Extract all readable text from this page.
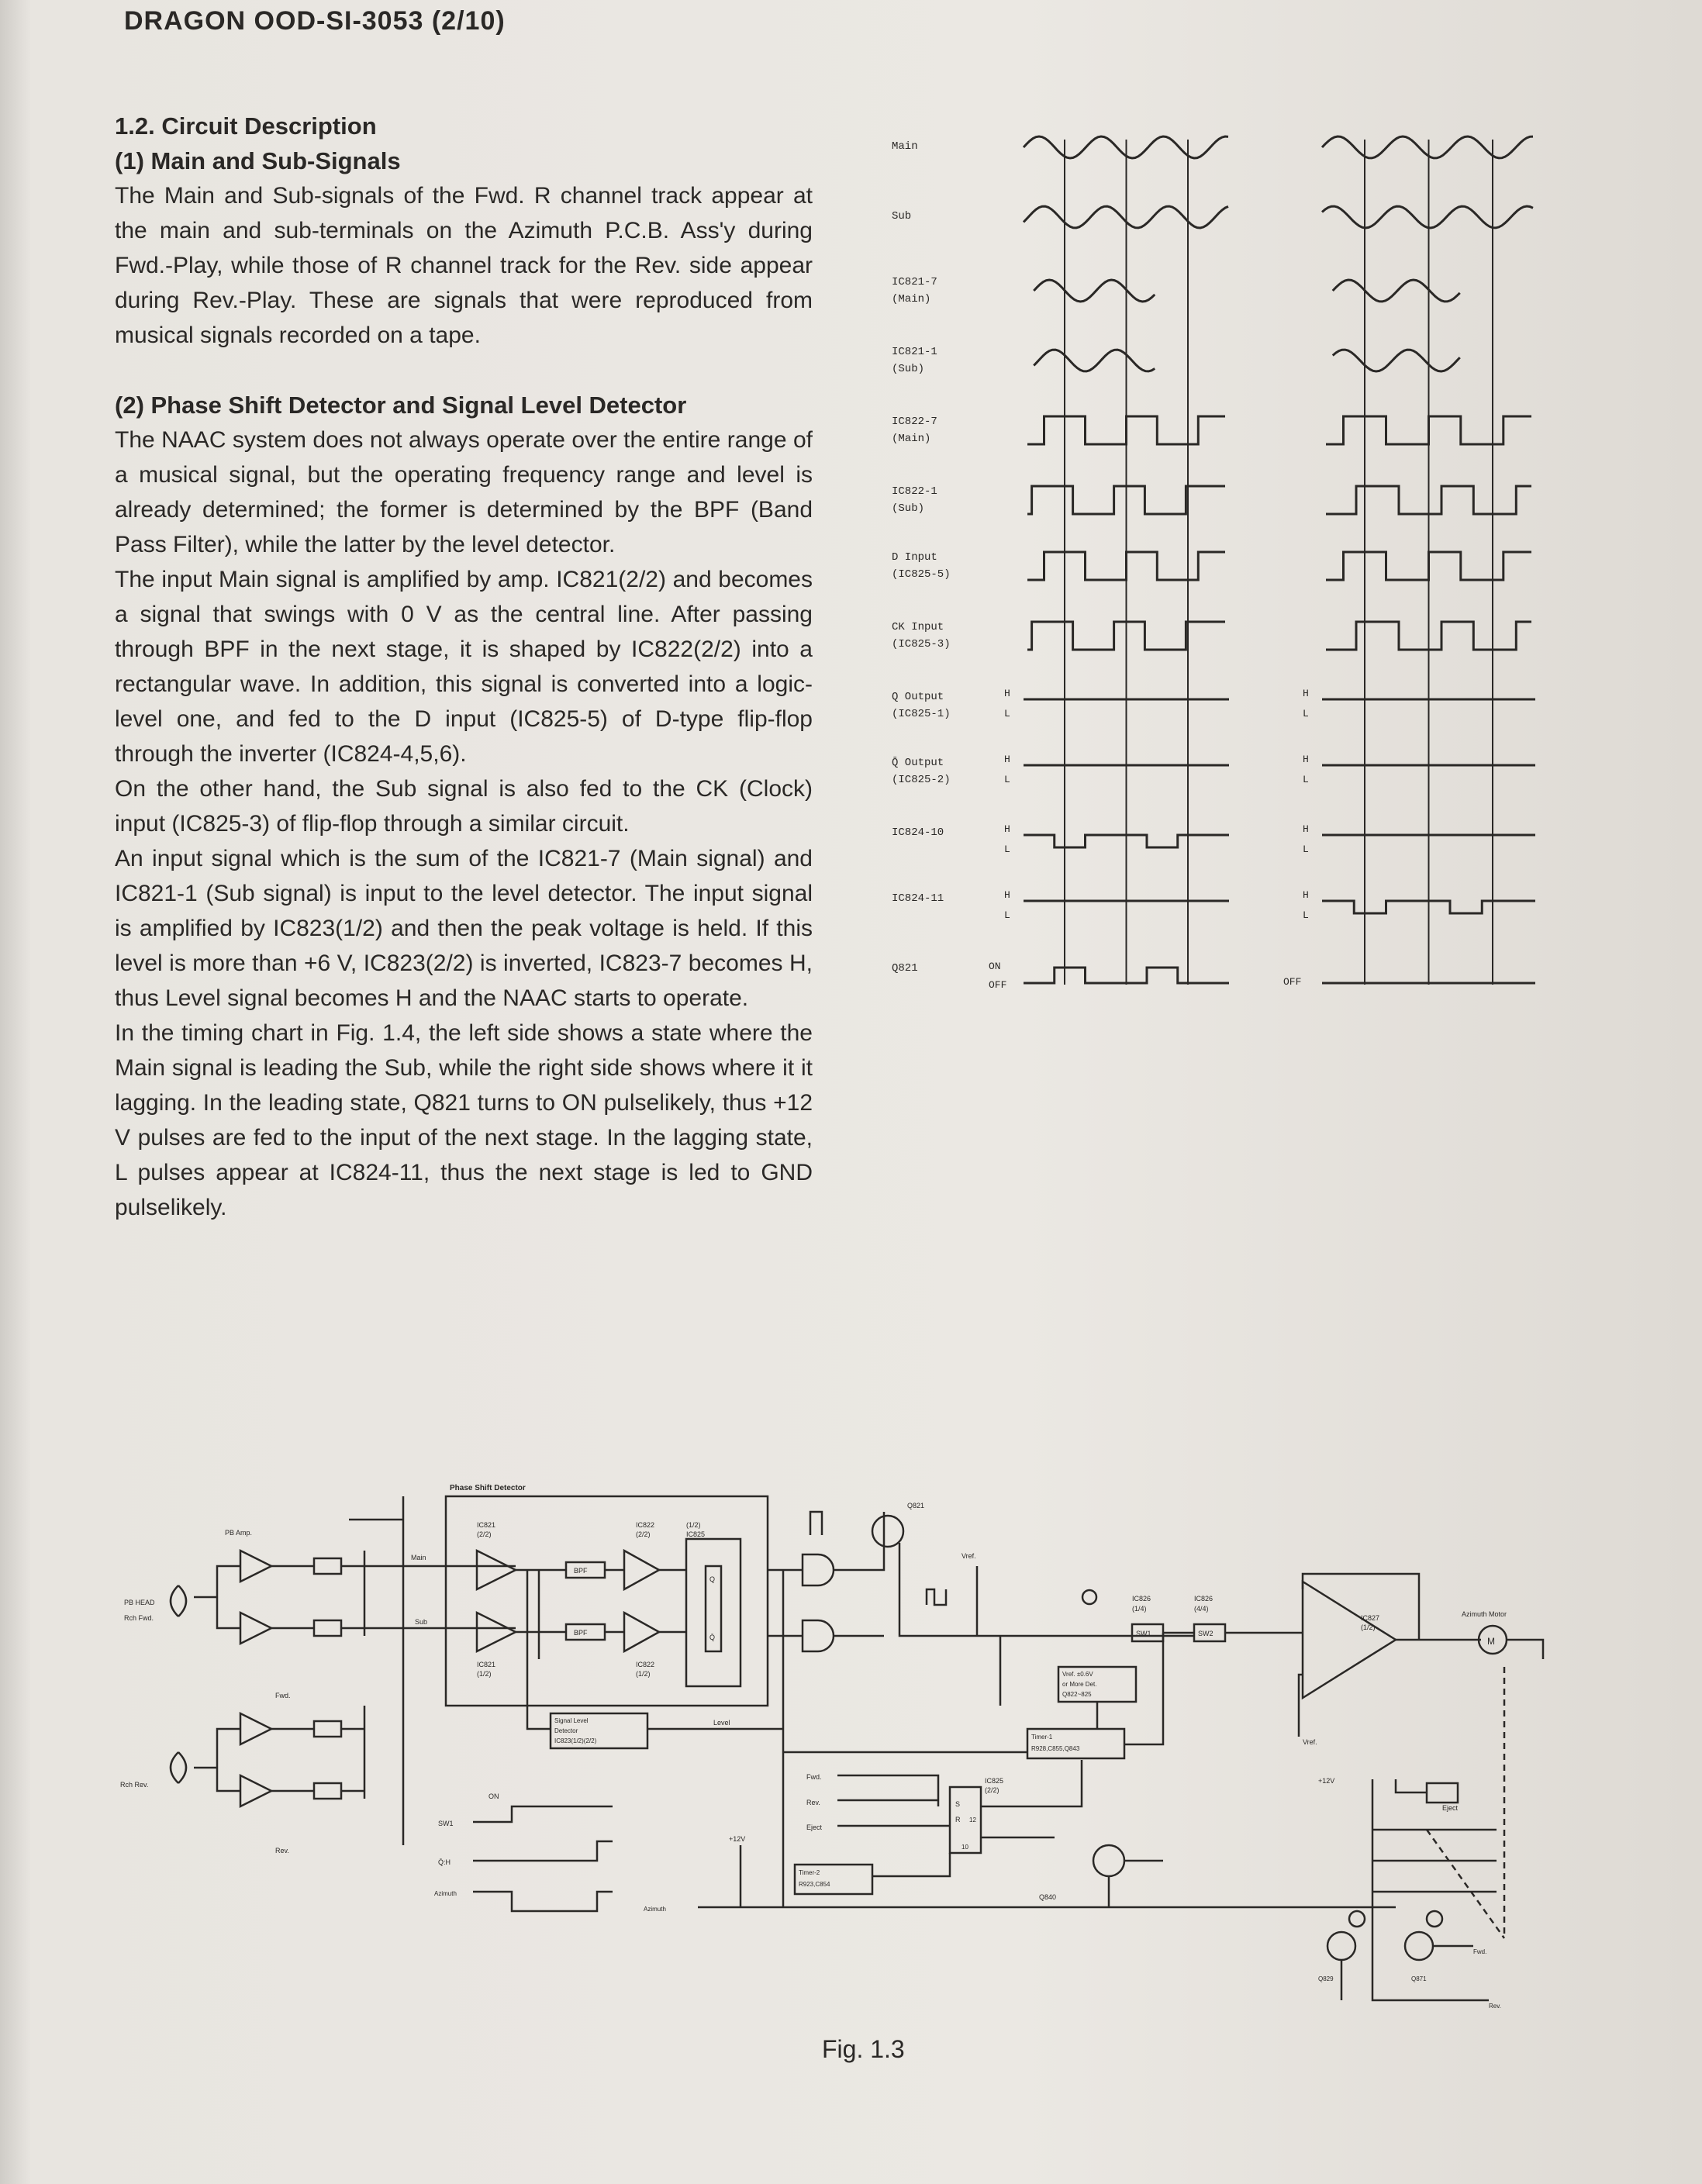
DRAGON OOD-SI-3053 (2/10)
1.2. Circuit Description
(1) Main and Sub-Signals

The Main and Sub-signals of the Fwd. R channel track appear at the main and sub-terminals on the Azimuth P.C.B. Ass'y during Fwd.-Play, while those of R channel track for the Rev. side appear during Rev.-Play. These are signals that were reproduced from musical signals recorded on a tape.

(2) Phase Shift Detector and Signal Level Detector

The NAAC system does not always operate over the entire range of a musical signal, but the operating frequency range and level is already determined; the former is determined by the BPF (Band Pass Filter), while the latter by the level detector.

The input Main signal is amplified by amp. IC821(2/2) and becomes a signal that swings with 0 V as the central line. After passing through BPF in the next stage, it is shaped by IC822(2/2) into a rectangular wave. In addition, this signal is converted into a logic-level one, and fed to the D input (IC825-5) of D-type flip-flop through the inverter (IC824-4,5,6).

On the other hand, the Sub signal is also fed to the CK (Clock) input (IC825-3) of flip-flop through a similar circuit.

An input signal which is the sum of the IC821-7 (Main signal) and IC821-1 (Sub signal) is input to the level detector. The input signal is amplified by IC823(1/2) and then the peak voltage is held. If this level is more than +6 V, IC823(2/2) is inverted, IC823-7 becomes H, thus Level signal becomes H and the NAAC starts to operate.

In the timing chart in Fig. 1.4, the left side shows a state where the Main signal is leading the Sub, while the right side shows where it it lagging. In the leading state, Q821 turns to ON pulselikely, thus +12 V pulses are fed to the input of the next stage. In the lagging state, L pulses appear at IC824-11, thus the next stage is led to GND pulselikely.

Main
Sub
IC821-7
(Main)
IC821-1
(Sub)
IC822-7
(Main)
IC822-1
(Sub)
D Input
(IC825-5)
CK Input
(IC825-3)
Q Output
(IC825-1)
Q̄ Output
(IC825-2)
IC824-10
IC824-11
Q821
H
L
H
L
H
L
H
L
ON
OFF
H
L
H
L
H
L
H
L
OFF
Phase Shift Detector
PB HEAD
Rch Fwd.
Rch Rev.
PB Amp.
Fwd.
Rev.
Main
Sub
IC821
(2/2)
IC821
(1/2)
BPF
BPF
IC822
(2/2)
IC822
(1/2)
IC825
(1/2)
Q
Q̄
Q821
Vref.
SW1	SW2
IC826
(1/4)
IC826
(4/4)
IC827
(1/2)
M
Azimuth Motor
Vref. ±0.6V
or More Det.
Q822~825
Signal Level
Detector
IC823(1/2)(2/2)
Level
Timer-1
R928,C855,Q843
Fwd.
Rev.
Eject
IC825
(2/2)
S
R 12
10
Q840
Timer-2
R923,C854
+12V
ON
SW1
Q̄:H
Azimuth
Azimuth
+12V
Eject
Vref.
Q829	Q871
Fwd.
Rev.
Fig. 1.3
